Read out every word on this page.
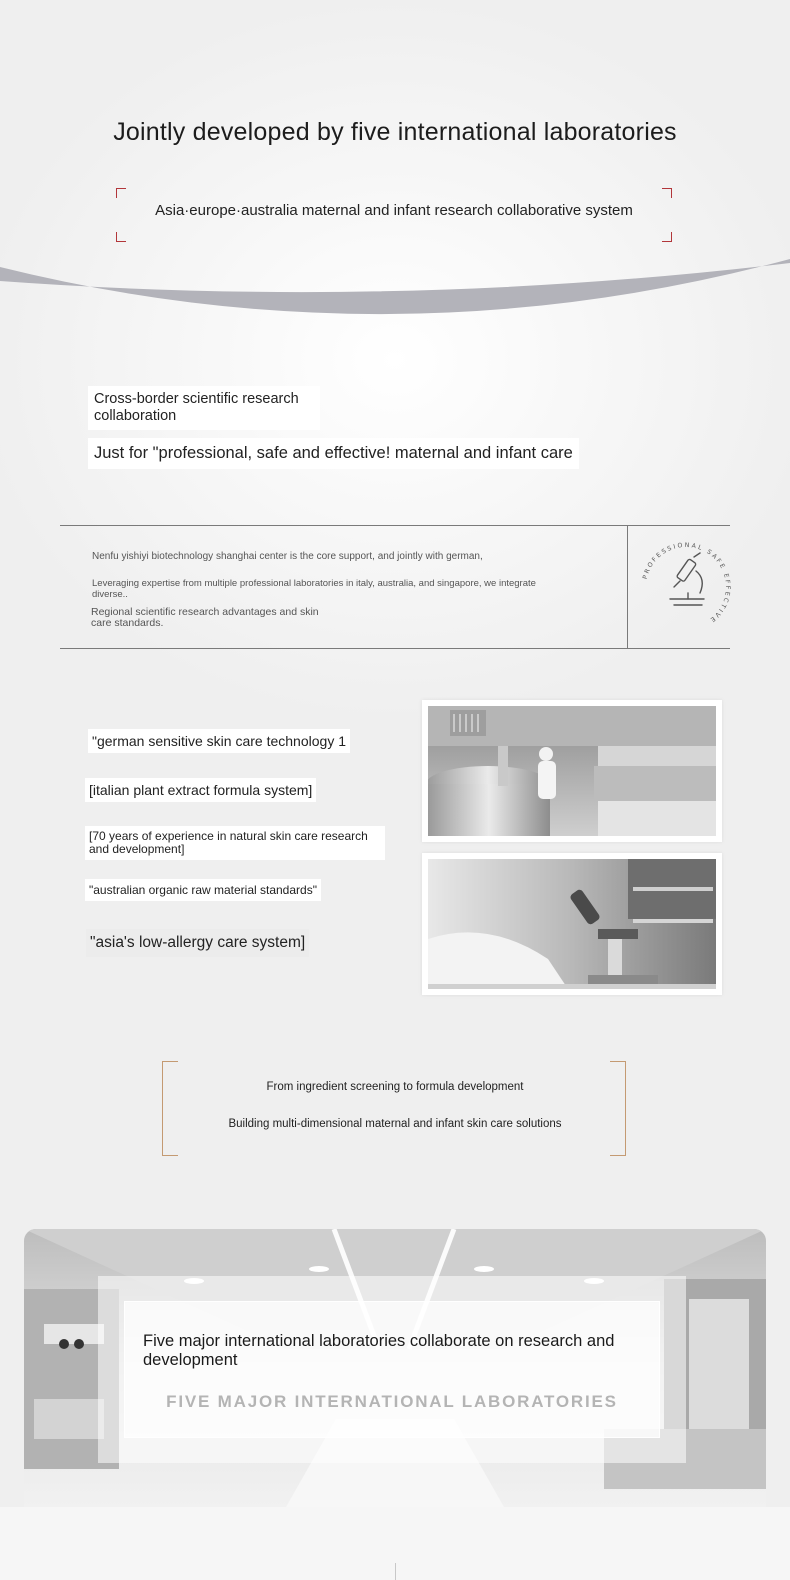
Jointly developed by five international laboratories
Asia·europe·australia maternal and infant research collaborative system
Cross-border scientific research collaboration
Just for "professional, safe and effective! maternal and infant care

Nenfu yishiyi biotechnology shanghai center is the core support, and jointly with german,

Leveraging expertise from multiple professional laboratories in italy, australia, and singapore, we integrate diverse..

Regional scientific research advantages and skin care standards.

PROFESSIONAL SAFE EFFECTIVE
"german sensitive skin care technology 1
[italian plant extract formula system]
[70 years of experience in natural skin care research and development]
"australian organic raw material standards"
"asia's low-allergy care system]
From ingredient screening to formula development
Building multi-dimensional maternal and infant skin care solutions
Five major international laboratories collaborate on research and development
FIVE MAJOR INTERNATIONAL LABORATORIES
